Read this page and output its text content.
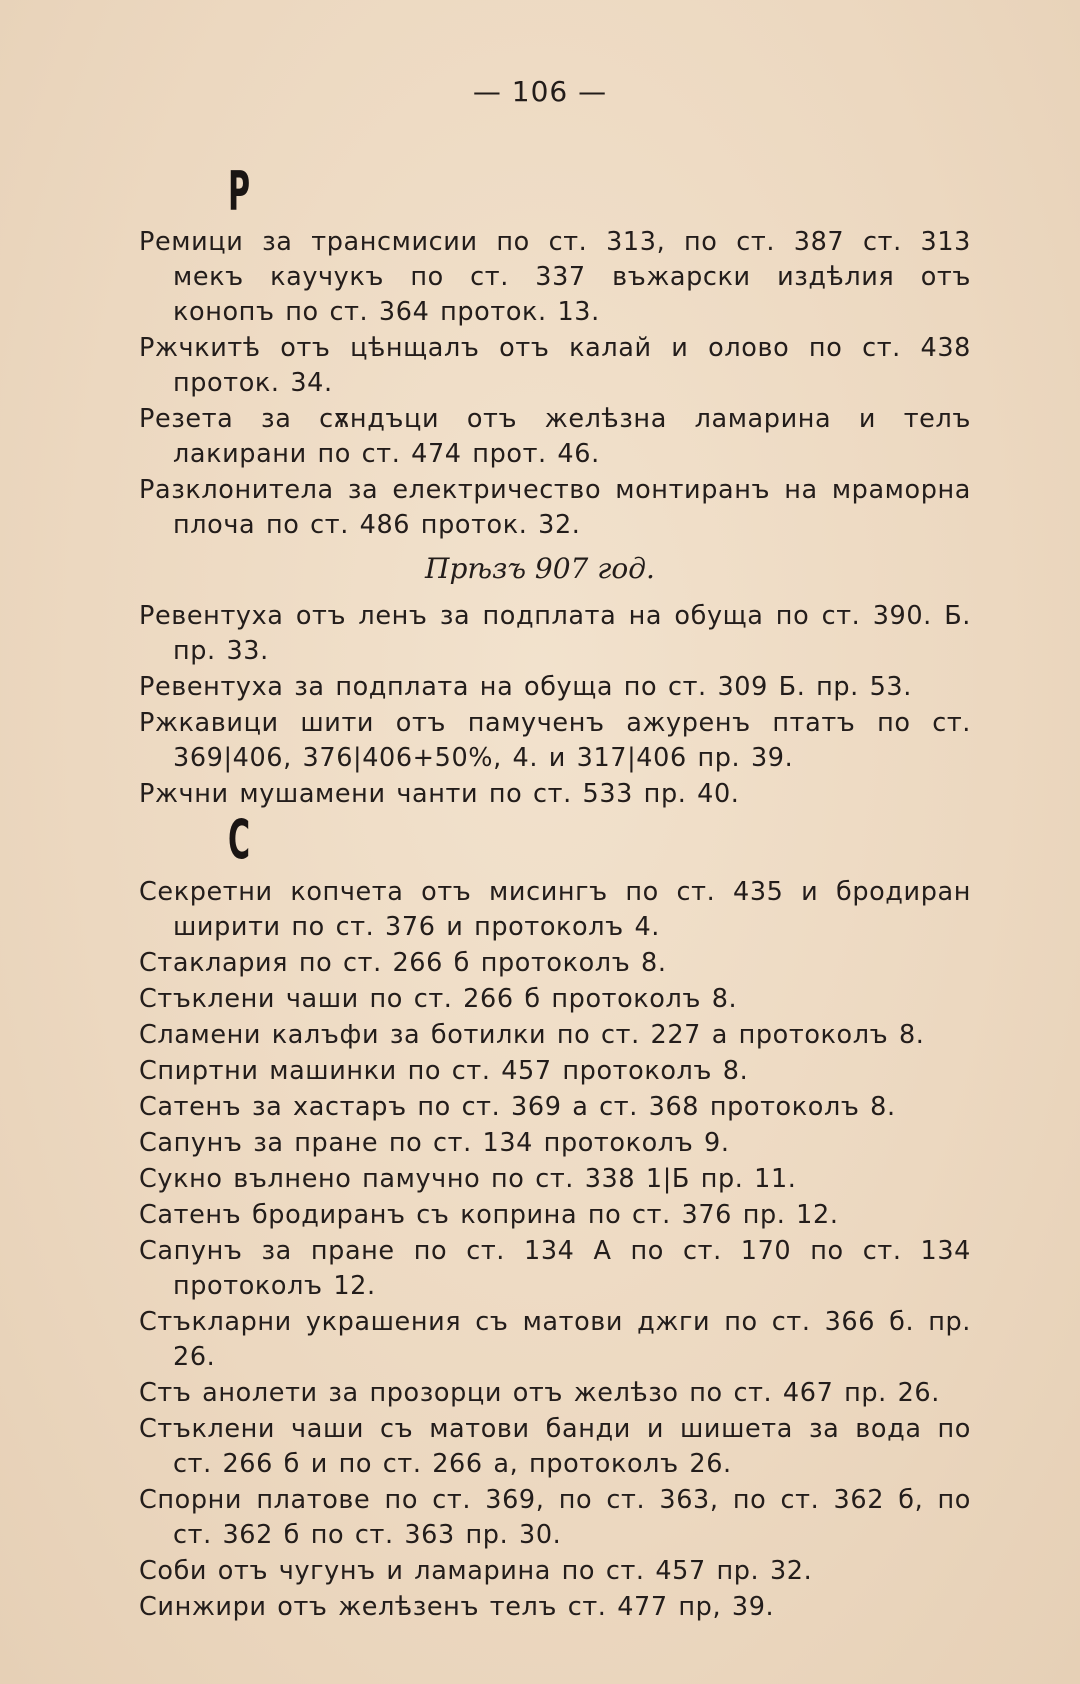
— 106 —
Р

Ремици за трансмисии по ст. 313, по ст. 387 ст. 313 мекъ каучукъ по ст. 337 въжарски издѣлия отъ конопъ по ст. 364 проток. 13.

Ржчкитѣ отъ цѣнщалъ отъ калай и олово по ст. 438 проток. 34.

Резета за сѫндъци отъ желѣзна ламарина и телъ лакирани по ст. 474 прот. 46.

Разклонитела за електричество монтиранъ на мраморна плоча по ст. 486 проток. 32.

Прѣзъ 907 год.

Ревентуха отъ ленъ за подплата на обуща по ст. 390. Б. пр. 33.

Ревентуха за подплата на обуща по ст. 309 Б. пр. 53.

Ржкавици шити отъ памученъ ажуренъ птатъ по ст. 369|406, 376|406+50%, 4. и 317|406 пр. 39.

Ржчни мушамени чанти по ст. 533 пр. 40.

С

Секретни копчета отъ мисингъ по ст. 435 и бродиран ширити по ст. 376 и протоколъ 4.

Стаклария по ст. 266 б протоколъ 8.

Стъклени чаши по ст. 266 б протоколъ 8.

Сламени калъфи за ботилки по ст. 227 а протоколъ 8.

Спиртни машинки по ст. 457 протоколъ 8.

Сатенъ за хастаръ по ст. 369 а ст. 368 протоколъ 8.

Сапунъ за пране по ст. 134 протоколъ 9.

Сукно вълнено памучно по ст. 338 1|Б пр. 11.

Сатенъ бродиранъ съ коприна по ст. 376 пр. 12.

Сапунъ за пране по ст. 134 А по ст. 170 по ст. 134 протоколъ 12.

Стъкларни украшения съ матови джги по ст. 366 б. пр. 26.

Стъ анолети за прозорци отъ желѣзо по ст. 467 пр. 26.

Стъклени чаши съ матови банди и шишета за вода по ст. 266 б и по ст. 266 а, протоколъ 26.

Спорни платове по ст. 369, по ст. 363, по ст. 362 б, по ст. 362 б по ст. 363 пр. 30.

Соби отъ чугунъ и ламарина по ст. 457 пр. 32.

Синжири отъ желѣзенъ телъ ст. 477 пр, 39.
